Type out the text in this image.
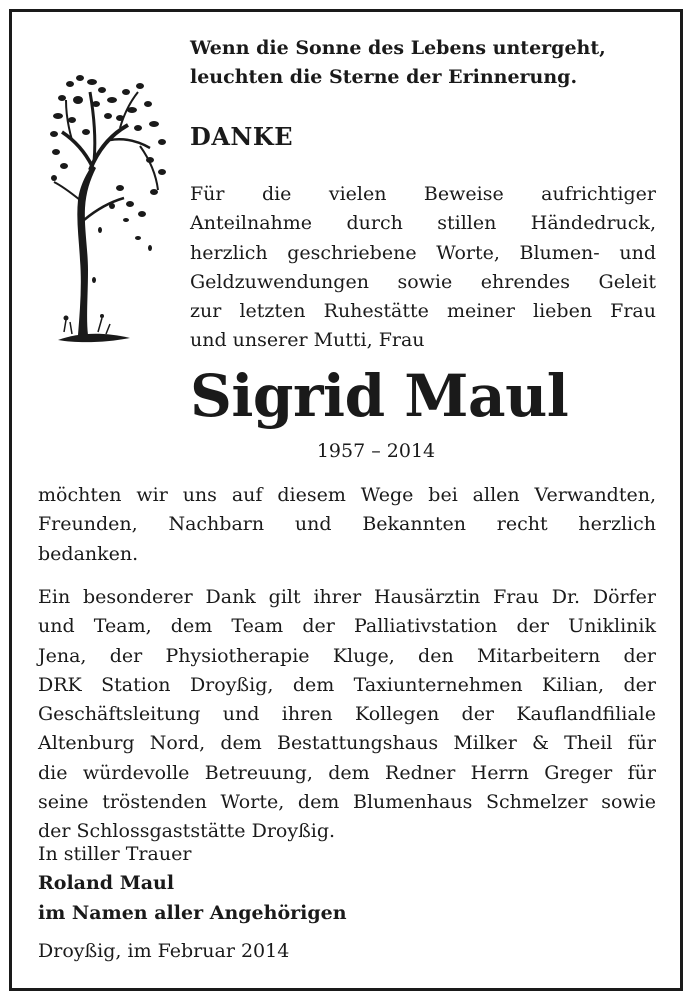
Wenn die Sonne des Lebens untergeht,
leuchten die Sterne der Erinnerung.
DANKE
Für die vielen Beweise aufrichtiger
Anteilnahme durch stillen Händedruck,
herzlich geschriebene Worte, Blumen- und
Geldzuwendungen sowie ehrendes Geleit
zur letzten Ruhestätte meiner lieben Frau
und unserer Mutti, Frau
Sigrid Maul
1957 – 2014
möchten wir uns auf diesem Wege bei allen Verwandten,
Freunden, Nachbarn und Bekannten recht herzlich
bedanken.
Ein besonderer Dank gilt ihrer Hausärztin Frau Dr. Dörfer
und Team, dem Team der Palliativstation der Uniklinik
Jena, der Physiotherapie Kluge, den Mitarbeitern der
DRK Station Droyßig, dem Taxiunternehmen Kilian, der
Geschäftsleitung und ihren Kollegen der Kauflandfiliale
Altenburg Nord, dem Bestattungshaus Milker & Theil für
die würdevolle Betreuung, dem Redner Herrn Greger für
seine tröstenden Worte, dem Blumenhaus Schmelzer sowie
der Schlossgaststätte Droyßig.
In stiller Trauer
Roland Maul
im Namen aller Angehörigen
Droyßig, im Februar 2014
